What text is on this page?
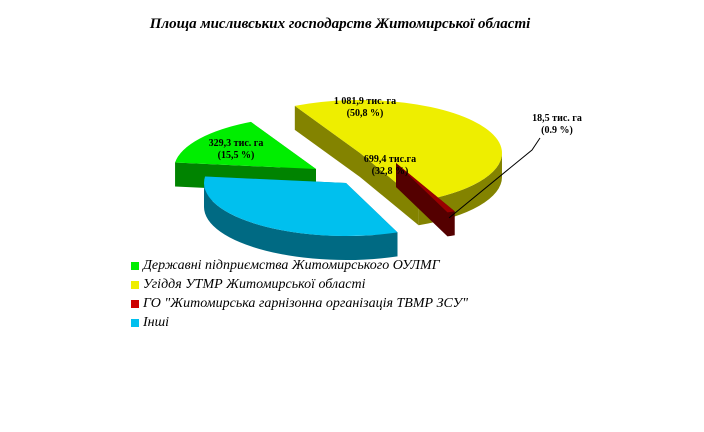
Площа мисливських господарств Житомирської області
329,3 тис. га
(15,5 %)
1 081,9 тис. га
(50,8 %)	18,5 тис. га
(0.9 %)
699,4 тис.га
(32,8 %)
Державні підприємства Житомирського ОУЛМГ
Угіддя УТМР Житомирської області
ГО "Житомирська гарнізонна організація ТВМР ЗСУ"
Інші
